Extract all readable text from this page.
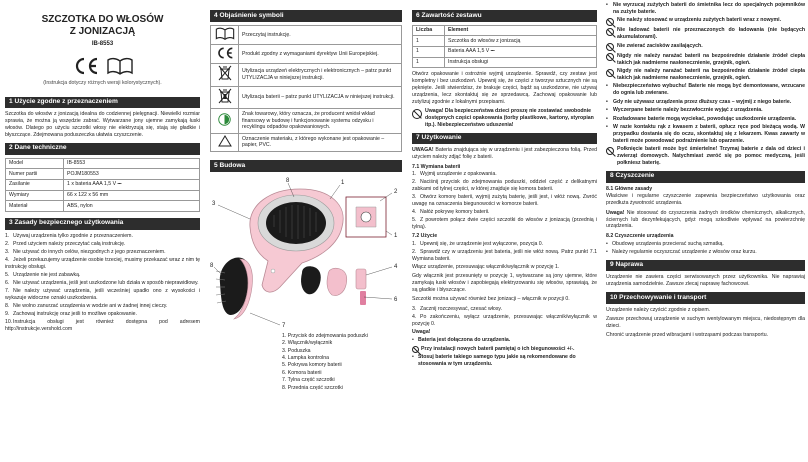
SZCZOTKA DO WŁOSÓW
Z JONIZACJĄ
IB-8553
(Instrukcja dotyczy różnych wersji kolorystycznych).
1 Użycie zgodne z przeznaczeniem

Szczotka do włosów z jonizacją idealna do codziennej pielęgnacji. Niewielki rozmiar sprawia, że można ją wszędzie zabrać. Wytwarzane jony ujemne zamykają łuski włosów. Dlatego po użyciu szczotki włosy nie elektryzują się, stają się gładkie i błyszczące. Zdejmowana poduszeczka ułatwia czyszczenie.

2 Dane techniczne
Model	IB-8553
Numer partii	POJM180553
Zasilanie	1 x bateria AAA 1,5 V ⎓
Wymiary	66 x 122 x 56 mm
Materiał	ABS, nylon
3 Zasady bezpiecznego użytkowania
1. Używaj urządzenia tylko zgodnie z przeznaczeniem.
2. Przed użyciem należy przeczytać całą instrukcję.
3. Nie używać do innych celów, niezgodnych z jego przeznaczeniem.
4. Jeżeli przekazujemy urządzenie osobie trzeciej, musimy przekazać wraz z nim tę instrukcję obsługi.
5. Urządzenie nie jest zabawką.
6. Nie używać urządzenia, jeśli jest uszkodzone lub działa w sposób nieprawidłowy.
7. Nie należy używać urządzenia, jeśli wcześniej upadło ono z wysokości i wykazuje widoczne oznaki uszkodzenia.
8. Nie wolno zanurzać urządzenia w wodzie ani w żadnej innej cieczy.
9. Zachowaj instrukcję oraz jeśli to możliwe opakowanie.
10.Instrukcja obsługi jest również dostępna pod adresem http://instrukcje.vershold.com
4 Objaśnienie symboli
	Przeczytaj instrukcję.
	Produkt zgodny z wymaganiami dyrektyw Unii Europejskiej.
	Utylizacja urządzeń elektrycznych i elektronicznych – patrz punkt UTYLIZACJA w niniejszej instrukcji.
	Utylizacja baterii – patrz punkt UTYLIZACJA w niniejszej instrukcji.
	Znak towarowy, który oznacza, że producent wniósł wkład finansowy w budowę i funkcjonowanie systemu odzysku i recyklingu odpadów opakowaniowych.
	Oznaczenie materiału, z którego wykonane jest opakowanie – papier, PVC.
5 Budowa
3
8	1
2
1
4
6
8
7
1. Przycisk do zdejmowania poduszki
2. Włącznik/wyłącznik
3. Poduszka
4. Lampka kontrolna
5. Pokrywa komory baterii
6. Komora baterii
7. Tylna część szczotki
8. Przednia część szczotki
6 Zawartość zestawu
Liczba	Element
1	Szczotka do włosów z jonizacją
1	Bateria AAA 1,5 V ⎓
1	Instrukcja obsługi

Otwórz opakowanie i ostrożnie wyjmij urządzenie. Sprawdź, czy zestaw jest kompletny i bez uszkodzeń. Upewnij się, że części z tworzyw sztucznych nie są pęknięte. Jeśli stwierdzisz, że brakuje części, bądź są uszkodzone, nie używaj urządzenia, lecz skontaktuj się ze sprzedawcą. Zachowaj opakowanie lub zutylizuj zgodnie z lokalnymi przepisami.

Uwaga! Dla bezpieczeństwa dzieci proszę nie zostawiać swobodnie dostępnych części opakowania (torby plastikowe, kartony, styropian itp.). Niebezpieczeństwo uduszenia!
7 Użytkowanie

UWAGA! Bateria znajdująca się w urządzeniu i jest zabezpieczona folią. Przed użyciem należy zdjąć folię z baterii.

7.1 Wymiana baterii
1. Wyjmij urządzenie z opakowania.
2. Naciśnij przycisk do zdejmowania poduszki, oddziel część z delikatnymi zabkami od tylnej części, w której znajduje się komora baterii.
3. Otwórz komorę baterii, wyjmij zużytą baterię, jeśli jest, i włóż nową. Zwróć uwagę na oznaczenia biegunowości w komorze baterii.
4. Nałóż pokrywę komory baterii.
5. Z powrotem połącz dwie części szczotki do włosów z jonizacją (przednią i tylną).
7.2 Użycie
1. Upewnij się, że urządzenie jest wyłączone, pozycja 0.
2. Sprawdź czy w urządzeniu jest bateria, jeśli nie włóż nową. Patrz punkt 7.1 Wymiana baterii.

Włącz urządzenie, przesuwając włącznik/wyłącznik w pozycję 1.

Gdy włącznik jest przesunięty w pozycję 1, wytwarzane są jony ujemne, które zamykają łuski włosów i zapobiegają elektryzowaniu się włosów, sprawiają, że są gładkie i błyszczące.

Szczotki można używać również bez jonizacji – włącznik w pozycji 0.

3. Zacznij rozczesywać, czesać włosy.
4. Po zakończeniu, wyłącz urządzenie, przesuwając włącznik/wyłącznik w pozycję 0.
Uwaga!
• Bateria jest dołączona do urządzenia.
Przy instalacji nowych baterii pamiętaj o ich biegunowości +/-.
• Stosuj baterie takiego samego typu jakie są rekomendowane do stosowania w tym urządzeniu.
• Nie wyrzucaj zużytych baterii do śmietnika lecz do specjalnych pojemników na zużyte baterie.
Nie należy stosować w urządzeniu zużytych baterii wraz z nowymi.
Nie ładować baterii nie przeznaczonych do ładowania (nie będących akumulatorami).
Nie zwierać zacisków zasilających.
Nigdy nie należy narażać baterii na bezpośrednie działanie źródeł ciepła takich jak nadmierne nasłonecznienie, grzejnik, ogień.
Nigdy nie należy narażać baterii na bezpośrednie działanie źródeł ciepła takich jak nadmierne nasłonecznienie, grzejnik, ogień.
• Niebezpieczeństwo wybuchu! Baterie nie mogą być demontowane, wrzucane do ognia lub zwierane.
• Gdy nie używasz urządzenia przez dłuższy czas – wyjmij z niego baterie.
• Wyczerpane baterie należy bezzwłocznie wyjąć z urządzenia.
• Rozładowane baterie mogą wyciekać, powodując uszkodzenie urządzenia.
• W razie kontaktu rąk z kwasem z baterii, opłucz ręce pod bieżącą wodą. W przypadku dostania się do oczu, skontaktuj się z lekarzem. Kwas zawarty w baterii może powodować podrażnienie lub oparzenie.
Połknięcie baterii może być śmiertelne! Trzymaj baterie z dala od dzieci i zwierząt domowych. Natychmiast zwróć się po pomoc medyczną, jeśli połkniesz baterię.
8 Czyszczenie
8.1 Główne zasady

Właściwe i regularne czyszczenie zapewnia bezpieczeństwo użytkowania oraz przedłuża żywotność urządzenia.

Uwaga! Nie stosować do czyszczenia żadnych środków chemicznych, alkalicznych, ściernych lub dezynfekujących, gdyż mogą szkodliwie wpływać na powierzchnię urządzenia.

8.2 Czyszczenie urządzenia
• Obudowę urządzenia przecierać suchą szmatką.
• Należy regularnie oczyszczać urządzenie z włosów oraz kurzu.
9 Naprawa

Urządzenie nie zawiera części serwisowanych przez użytkownika. Nie naprawiaj urządzenia samodzielnie. Zawsze zlecaj naprawę fachowcowi.

10 Przechowywanie i transport

Urządzenie należy czyścić zgodnie z opisem.

Zawsze przechowuj urządzenie w suchym wentylowanym miejscu, niedostępnym dla dzieci.

Chronić urządzenie przed wibracjami i wstrząsami podczas transportu.
